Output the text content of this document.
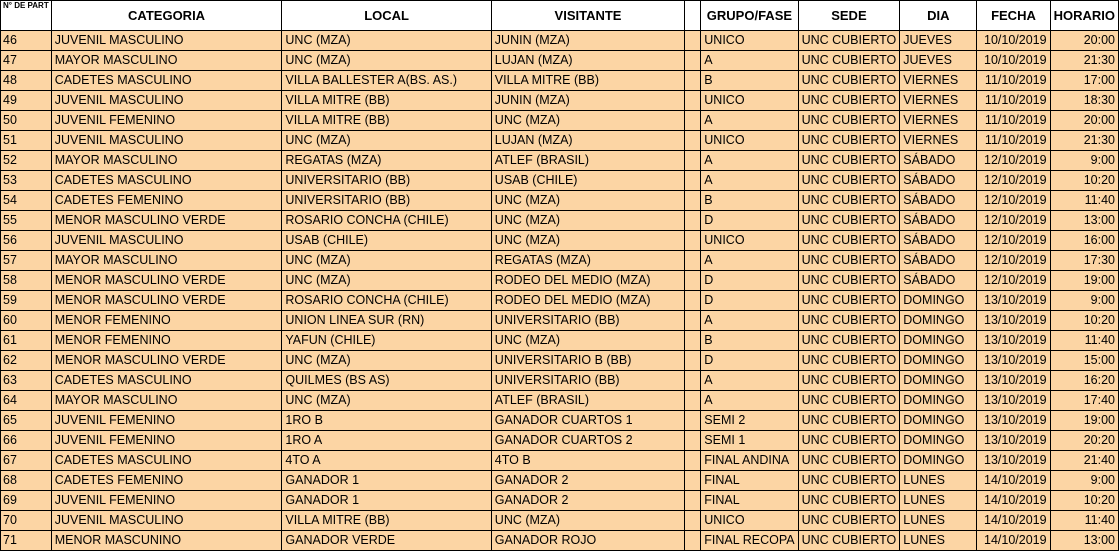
N° DE PART	CATEGORIA	LOCAL	VISITANTE		GRUPO/FASE	SEDE	DIA	FECHA	HORARIO
46	JUVENIL MASCULINO	UNC (MZA)	JUNIN (MZA)		UNICO	UNC CUBIERTO	JUEVES	10/10/2019	20:00
47	MAYOR MASCULINO	UNC (MZA)	LUJAN (MZA)		A	UNC CUBIERTO	JUEVES	10/10/2019	21:30
48	CADETES MASCULINO	VILLA BALLESTER A(BS. AS.)	VILLA MITRE (BB)		B	UNC CUBIERTO	VIERNES	11/10/2019	17:00
49	JUVENIL MASCULINO	VILLA MITRE (BB)	JUNIN (MZA)		UNICO	UNC CUBIERTO	VIERNES	11/10/2019	18:30
50	JUVENIL FEMENINO	VILLA MITRE (BB)	UNC (MZA)		A	UNC CUBIERTO	VIERNES	11/10/2019	20:00
51	JUVENIL MASCULINO	UNC (MZA)	LUJAN (MZA)		UNICO	UNC CUBIERTO	VIERNES	11/10/2019	21:30
52	MAYOR MASCULINO	REGATAS (MZA)	ATLEF (BRASIL)		A	UNC CUBIERTO	SÁBADO	12/10/2019	9:00
53	CADETES MASCULINO	UNIVERSITARIO (BB)	USAB (CHILE)		A	UNC CUBIERTO	SÁBADO	12/10/2019	10:20
54	CADETES FEMENINO	UNIVERSITARIO (BB)	UNC (MZA)		B	UNC CUBIERTO	SÁBADO	12/10/2019	11:40
55	MENOR MASCULINO VERDE	ROSARIO CONCHA (CHILE)	UNC (MZA)		D	UNC CUBIERTO	SÁBADO	12/10/2019	13:00
56	JUVENIL MASCULINO	USAB (CHILE)	UNC (MZA)		UNICO	UNC CUBIERTO	SÁBADO	12/10/2019	16:00
57	MAYOR MASCULINO	UNC (MZA)	REGATAS (MZA)		A	UNC CUBIERTO	SÁBADO	12/10/2019	17:30
58	MENOR MASCULINO VERDE	UNC (MZA)	RODEO DEL MEDIO (MZA)		D	UNC CUBIERTO	SÁBADO	12/10/2019	19:00
59	MENOR MASCULINO VERDE	ROSARIO CONCHA (CHILE)	RODEO DEL MEDIO (MZA)		D	UNC CUBIERTO	DOMINGO	13/10/2019	9:00
60	MENOR FEMENINO	UNION LINEA SUR (RN)	UNIVERSITARIO (BB)		A	UNC CUBIERTO	DOMINGO	13/10/2019	10:20
61	MENOR FEMENINO	YAFUN (CHILE)	UNC (MZA)		B	UNC CUBIERTO	DOMINGO	13/10/2019	11:40
62	MENOR MASCULINO VERDE	UNC (MZA)	UNIVERSITARIO B (BB)		D	UNC CUBIERTO	DOMINGO	13/10/2019	15:00
63	CADETES MASCULINO	QUILMES (BS AS)	UNIVERSITARIO (BB)		A	UNC CUBIERTO	DOMINGO	13/10/2019	16:20
64	MAYOR MASCULINO	UNC (MZA)	ATLEF (BRASIL)		A	UNC CUBIERTO	DOMINGO	13/10/2019	17:40
65	JUVENIL FEMENINO	1RO B	GANADOR CUARTOS 1		SEMI 2	UNC CUBIERTO	DOMINGO	13/10/2019	19:00
66	JUVENIL FEMENINO	1RO A	GANADOR CUARTOS 2		SEMI 1	UNC CUBIERTO	DOMINGO	13/10/2019	20:20
67	CADETES MASCULINO	4TO A	4TO B		FINAL ANDINA	UNC CUBIERTO	DOMINGO	13/10/2019	21:40
68	CADETES FEMENINO	GANADOR 1	GANADOR 2		FINAL	UNC CUBIERTO	LUNES	14/10/2019	9:00
69	JUVENIL FEMENINO	GANADOR 1	GANADOR 2		FINAL	UNC CUBIERTO	LUNES	14/10/2019	10:20
70	JUVENIL MASCULINO	VILLA MITRE (BB)	UNC (MZA)		UNICO	UNC CUBIERTO	LUNES	14/10/2019	11:40
71	MENOR MASCUNINO	GANADOR VERDE	GANADOR ROJO		FINAL RECOPA	UNC CUBIERTO	LUNES	14/10/2019	13:00
